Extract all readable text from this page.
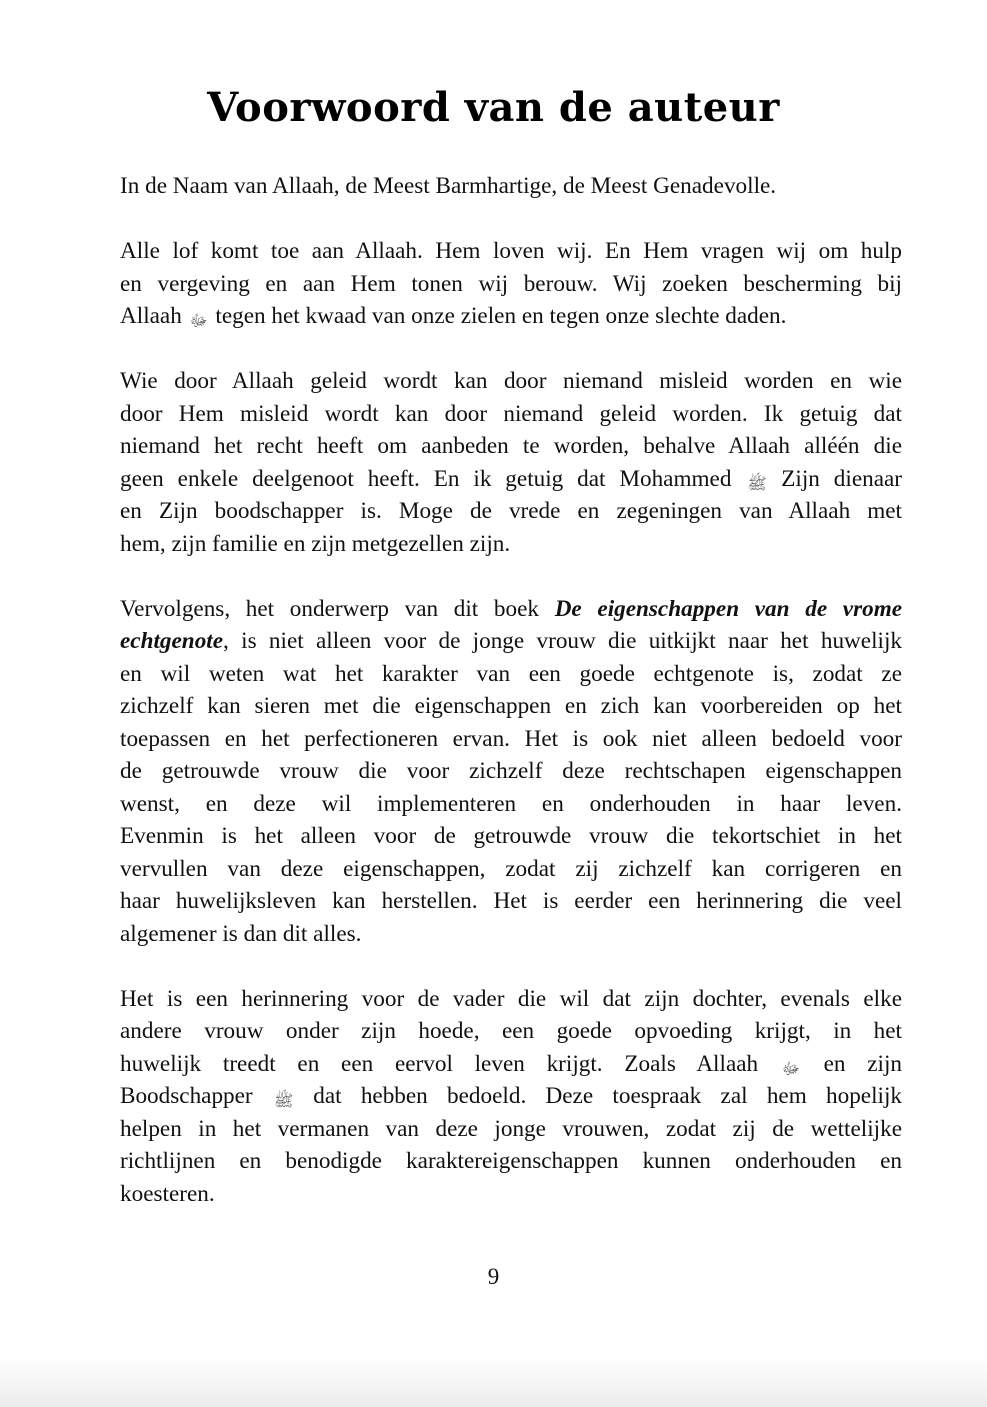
Voorwoord van de auteur

In de Naam van Allaah, de Meest Barmhartige, de Meest Genadevolle.

Alle lof komt toe aan Allaah. Hem loven wij. En Hem vragen wij om hulp
en vergeving en aan Hem tonen wij berouw. Wij zoeken bescherming bij
Allaah ﷻ tegen het kwaad van onze zielen en tegen onze slechte daden.

Wie door Allaah geleid wordt kan door niemand misleid worden en wie
door Hem misleid wordt kan door niemand geleid worden. Ik getuig dat
niemand het recht heeft om aanbeden te worden, behalve Allaah alléén die
geen enkele deelgenoot heeft. En ik getuig dat Mohammed ﷺ Zijn dienaar
en Zijn boodschapper is. Moge de vrede en zegeningen van Allaah met
hem, zijn familie en zijn metgezellen zijn.

Vervolgens, het onderwerp van dit boek De eigenschappen van de vrome
echtgenote, is niet alleen voor de jonge vrouw die uitkijkt naar het huwelijk
en wil weten wat het karakter van een goede echtgenote is, zodat ze
zichzelf kan sieren met die eigenschappen en zich kan voorbereiden op het
toepassen en het perfectioneren ervan. Het is ook niet alleen bedoeld voor
de getrouwde vrouw die voor zichzelf deze rechtschapen eigenschappen
wenst, en deze wil implementeren en onderhouden in haar leven.
Evenmin is het alleen voor de getrouwde vrouw die tekortschiet in het
vervullen van deze eigenschappen, zodat zij zichzelf kan corrigeren en
haar huwelijksleven kan herstellen. Het is eerder een herinnering die veel
algemener is dan dit alles.

Het is een herinnering voor de vader die wil dat zijn dochter, evenals elke
andere vrouw onder zijn hoede, een goede opvoeding krijgt, in het
huwelijk treedt en een eervol leven krijgt. Zoals Allaah ﷻ en zijn
Boodschapper ﷺ dat hebben bedoeld. Deze toespraak zal hem hopelijk
helpen in het vermanen van deze jonge vrouwen, zodat zij de wettelijke
richtlijnen en benodigde karaktereigenschappen kunnen onderhouden en
koesteren.

9
